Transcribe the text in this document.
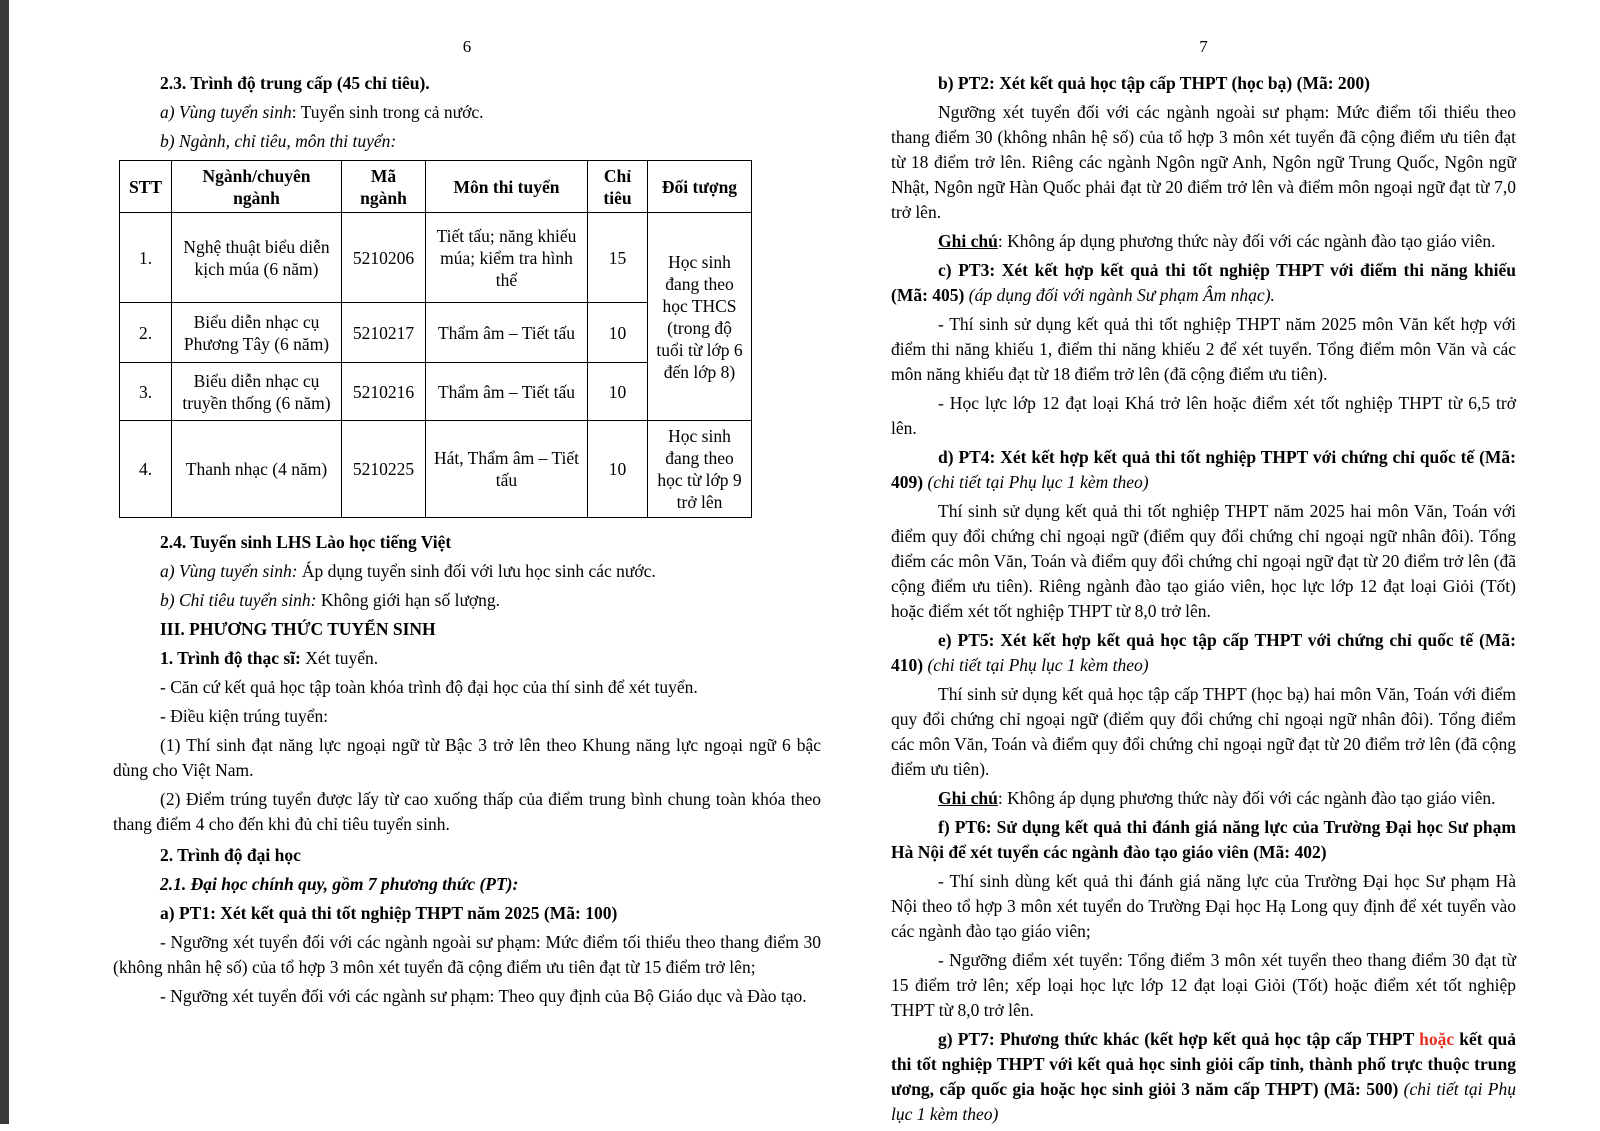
6

2.3. Trình độ trung cấp (45 chỉ tiêu).

a) Vùng tuyển sinh: Tuyển sinh trong cả nước.

b) Ngành, chỉ tiêu, môn thi tuyển:

STT	Ngành/chuyên ngành	Mã ngành	Môn thi tuyển	Chỉ tiêu	Đối tượng
1.	Nghệ thuật biểu diễn kịch múa (6 năm)	5210206	Tiết tấu; năng khiếu múa; kiểm tra hình thể	15	Học sinh đang theo học THCS (trong độ tuổi từ lớp 6 đến lớp 8)
2.	Biểu diễn nhạc cụ Phương Tây (6 năm)	5210217	Thẩm âm – Tiết tấu	10	
3.	Biểu diễn nhạc cụ truyền thống (6 năm)	5210216	Thẩm âm – Tiết tấu	10	
4.	Thanh nhạc (4 năm)	5210225	Hát, Thẩm âm – Tiết tấu	10	Học sinh đang theo học từ lớp 9 trở lên

2.4. Tuyển sinh LHS Lào học tiếng Việt

a) Vùng tuyển sinh: Áp dụng tuyển sinh đối với lưu học sinh các nước.

b) Chỉ tiêu tuyển sinh: Không giới hạn số lượng.

III. PHƯƠNG THỨC TUYỂN SINH

1. Trình độ thạc sĩ: Xét tuyển.

- Căn cứ kết quả học tập toàn khóa trình độ đại học của thí sinh để xét tuyển.

- Điều kiện trúng tuyển:

(1) Thí sinh đạt năng lực ngoại ngữ từ Bậc 3 trở lên theo Khung năng lực ngoại ngữ 6 bậc dùng cho Việt Nam.

(2) Điểm trúng tuyển được lấy từ cao xuống thấp của điểm trung bình chung toàn khóa theo thang điểm 4 cho đến khi đủ chỉ tiêu tuyển sinh.

2. Trình độ đại học

2.1. Đại học chính quy, gồm 7 phương thức (PT):

a) PT1: Xét kết quả thi tốt nghiệp THPT năm 2025 (Mã: 100)

- Ngưỡng xét tuyển đối với các ngành ngoài sư phạm: Mức điểm tối thiểu theo thang điểm 30 (không nhân hệ số) của tổ hợp 3 môn xét tuyển đã cộng điểm ưu tiên đạt từ 15 điểm trở lên;

- Ngưỡng xét tuyển đối với các ngành sư phạm: Theo quy định của Bộ Giáo dục và Đào tạo.

7

b) PT2: Xét kết quả học tập cấp THPT (học bạ) (Mã: 200)

Ngưỡng xét tuyển đối với các ngành ngoài sư phạm: Mức điểm tối thiểu theo thang điểm 30 (không nhân hệ số) của tổ hợp 3 môn xét tuyển đã cộng điểm ưu tiên đạt từ 18 điểm trở lên. Riêng các ngành Ngôn ngữ Anh, Ngôn ngữ Trung Quốc, Ngôn ngữ Nhật, Ngôn ngữ Hàn Quốc phải đạt từ 20 điểm trở lên và điểm môn ngoại ngữ đạt từ 7,0 trở lên.

Ghi chú: Không áp dụng phương thức này đối với các ngành đào tạo giáo viên.

c) PT3: Xét kết hợp kết quả thi tốt nghiệp THPT với điểm thi năng khiếu (Mã: 405) (áp dụng đối với ngành Sư phạm Âm nhạc).

- Thí sinh sử dụng kết quả thi tốt nghiệp THPT năm 2025 môn Văn kết hợp với điểm thi năng khiếu 1, điểm thi năng khiếu 2 để xét tuyển. Tổng điểm môn Văn và các môn năng khiếu đạt từ 18 điểm trở lên (đã cộng điểm ưu tiên).

- Học lực lớp 12 đạt loại Khá trở lên hoặc điểm xét tốt nghiệp THPT từ 6,5 trở lên.

d) PT4: Xét kết hợp kết quả thi tốt nghiệp THPT với chứng chỉ quốc tế (Mã: 409) (chi tiết tại Phụ lục 1 kèm theo)

Thí sinh sử dụng kết quả thi tốt nghiệp THPT năm 2025 hai môn Văn, Toán với điểm quy đổi chứng chỉ ngoại ngữ (điểm quy đổi chứng chỉ ngoại ngữ nhân đôi). Tổng điểm các môn Văn, Toán và điểm quy đổi chứng chỉ ngoại ngữ đạt từ 20 điểm trở lên (đã cộng điểm ưu tiên). Riêng ngành đào tạo giáo viên, học lực lớp 12 đạt loại Giỏi (Tốt) hoặc điểm xét tốt nghiệp THPT từ 8,0 trở lên.

e) PT5: Xét kết hợp kết quả học tập cấp THPT với chứng chỉ quốc tế (Mã: 410) (chi tiết tại Phụ lục 1 kèm theo)

Thí sinh sử dụng kết quả học tập cấp THPT (học bạ) hai môn Văn, Toán với điểm quy đổi chứng chỉ ngoại ngữ (điểm quy đổi chứng chỉ ngoại ngữ nhân đôi). Tổng điểm các môn Văn, Toán và điểm quy đổi chứng chỉ ngoại ngữ đạt từ 20 điểm trở lên (đã cộng điểm ưu tiên).

Ghi chú: Không áp dụng phương thức này đối với các ngành đào tạo giáo viên.

f) PT6: Sử dụng kết quả thi đánh giá năng lực của Trường Đại học Sư phạm Hà Nội để xét tuyển các ngành đào tạo giáo viên (Mã: 402)

- Thí sinh dùng kết quả thi đánh giá năng lực của Trường Đại học Sư phạm Hà Nội theo tổ hợp 3 môn xét tuyển do Trường Đại học Hạ Long quy định để xét tuyển vào các ngành đào tạo giáo viên;

- Ngưỡng điểm xét tuyển: Tổng điểm 3 môn xét tuyển theo thang điểm 30 đạt từ 15 điểm trở lên; xếp loại học lực lớp 12 đạt loại Giỏi (Tốt) hoặc điểm xét tốt nghiệp THPT từ 8,0 trở lên.

g) PT7: Phương thức khác (kết hợp kết quả học tập cấp THPT hoặc kết quả thi tốt nghiệp THPT với kết quả học sinh giỏi cấp tỉnh, thành phố trực thuộc trung ương, cấp quốc gia hoặc học sinh giỏi 3 năm cấp THPT) (Mã: 500) (chi tiết tại Phụ lục 1 kèm theo)
